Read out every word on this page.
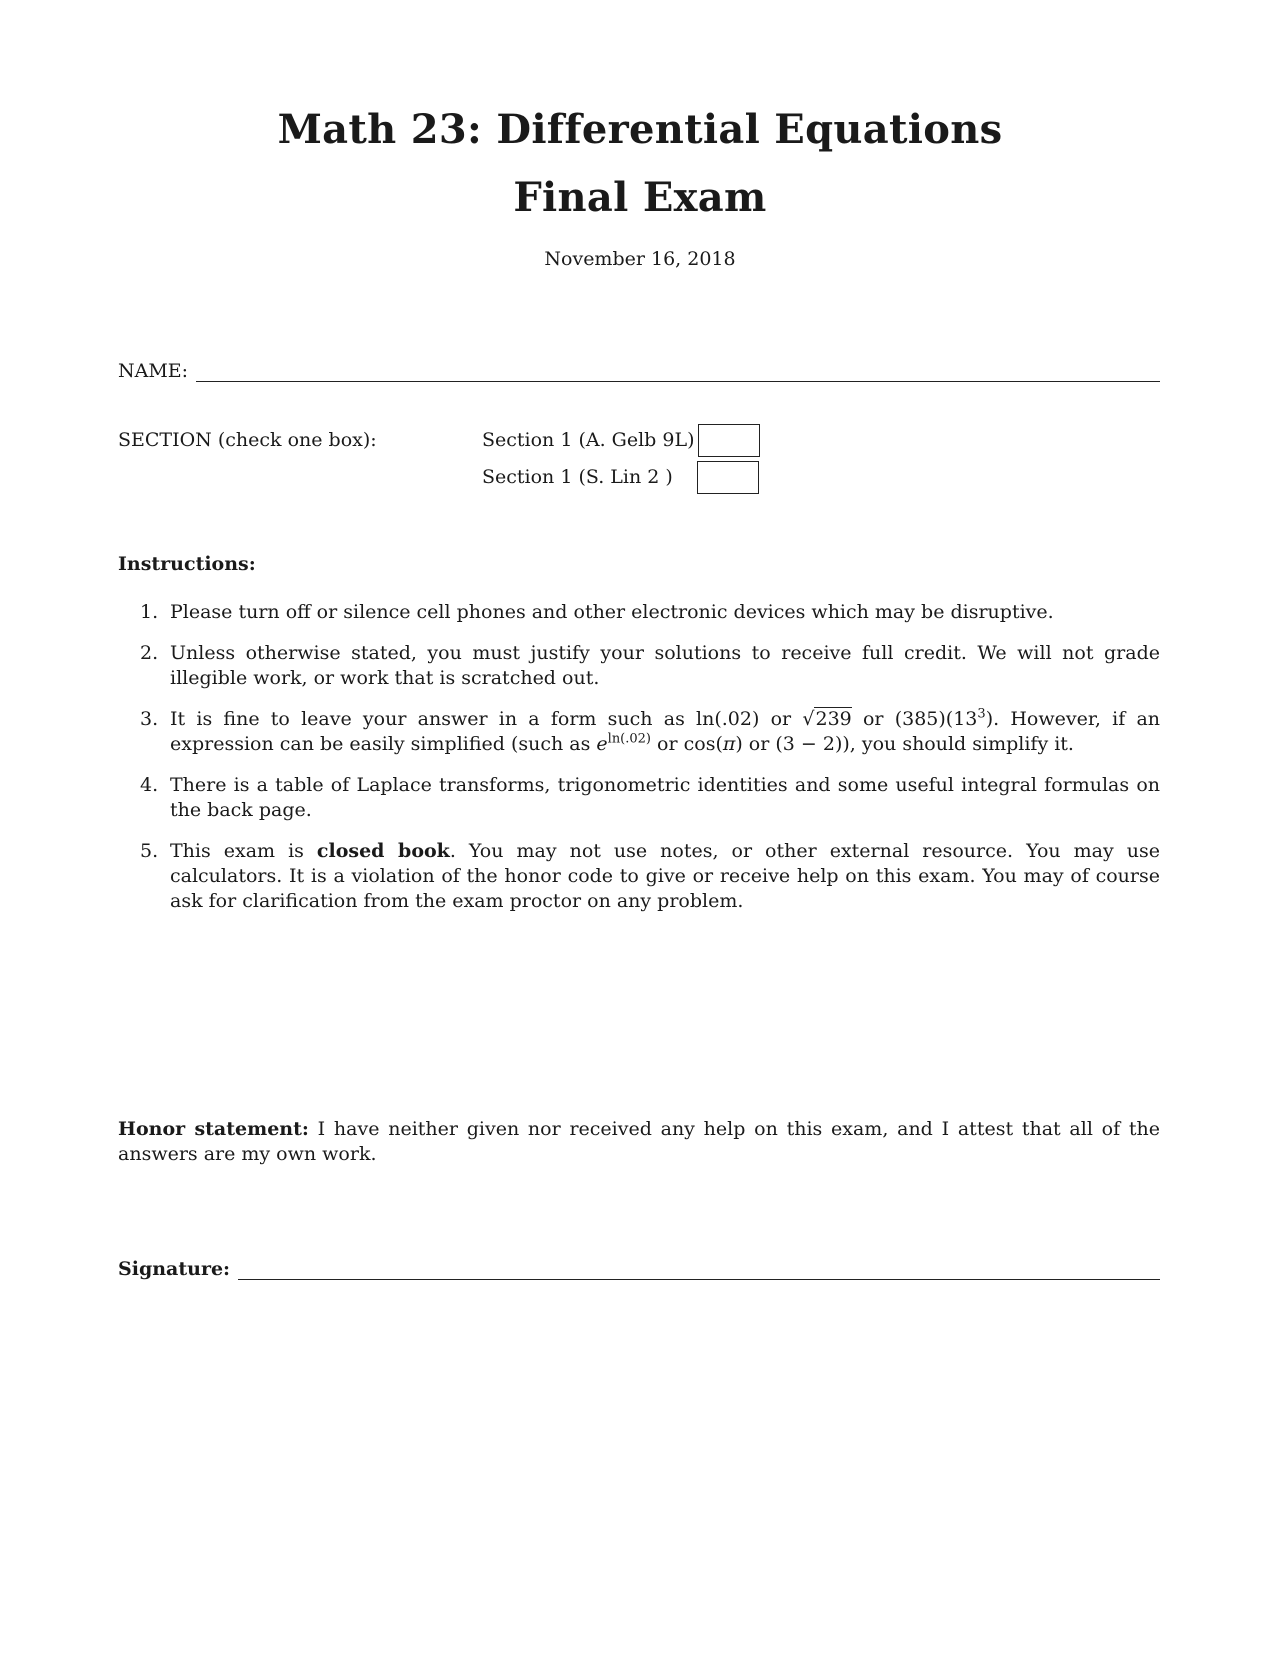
Math 23: Differential Equations
Final Exam
November 16, 2018
NAME:
SECTION (check one box):	Section 1 (A. Gelb 9L)
Section 1 (S. Lin 2 )
Instructions:
1. Please turn off or silence cell phones and other electronic devices which may be disruptive.
2. Unless otherwise stated, you must justify your solutions to receive full credit. We will not grade illegible work, or work that is scratched out.
3. It is fine to leave your answer in a form such as ln(.02) or √239 or $(385)(13^3)$. However, if an expression can be easily simplified (such as $e^{ln(.02)}$ or cos(π) or (3 − 2)), you should simplify it.
4. There is a table of Laplace transforms, trigonometric identities and some useful integral formulas on the back page.
5. This exam is closed book. You may not use notes, or other external resource. You may use calculators. It is a violation of the honor code to give or receive help on this exam. You may of course ask for clarification from the exam proctor on any problem.
Honor statement: I have neither given nor received any help on this exam, and I attest that all of the answers are my own work.
Signature:
